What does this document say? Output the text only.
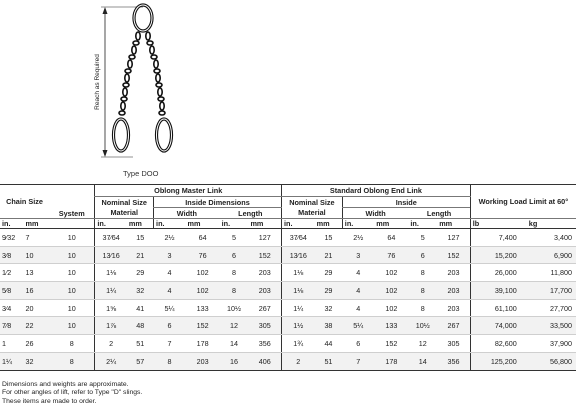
Reach as Required
Type DOO
Chain Size		System	Oblong Master Link						Standard Oblong End Link						Working Load Limit at 60°	
			Nominal Size		Inside Dimensions				Nominal Size		Inside					
			Material		Width		Length		Material		Width		Length			
in.	mm		in.	mm	in.	mm	in.	mm	in.	mm	in.	mm	in.	mm	lb	kg
9⁄32	7	10	37⁄64	15	2½	64	5	127	37⁄64	15	2½	64	5	127	7,400	3,400
3⁄8	10	10	13⁄16	21	3	76	6	152	13⁄16	21	3	76	6	152	15,200	6,900
1⁄2	13	10	1⅛	29	4	102	8	203	1⅛	29	4	102	8	203	26,000	11,800
5⁄8	16	10	1¼	32	4	102	8	203	1⅛	29	4	102	8	203	39,100	17,700
3⁄4	20	10	1⅝	41	5¼	133	10½	267	1¼	32	4	102	8	203	61,100	27,700
7⁄8	22	10	1⅞	48	6	152	12	305	1½	38	5¼	133	10½	267	74,000	33,500
1	26	8	2	51	7	178	14	356	1¾	44	6	152	12	305	82,600	37,900
1¼	32	8	2¼	57	8	203	16	406	2	51	7	178	14	356	125,200	56,800
Dimensions and weights are approximate.
For other angles of lift, refer to Type "D" slings.
These items are made to order.
